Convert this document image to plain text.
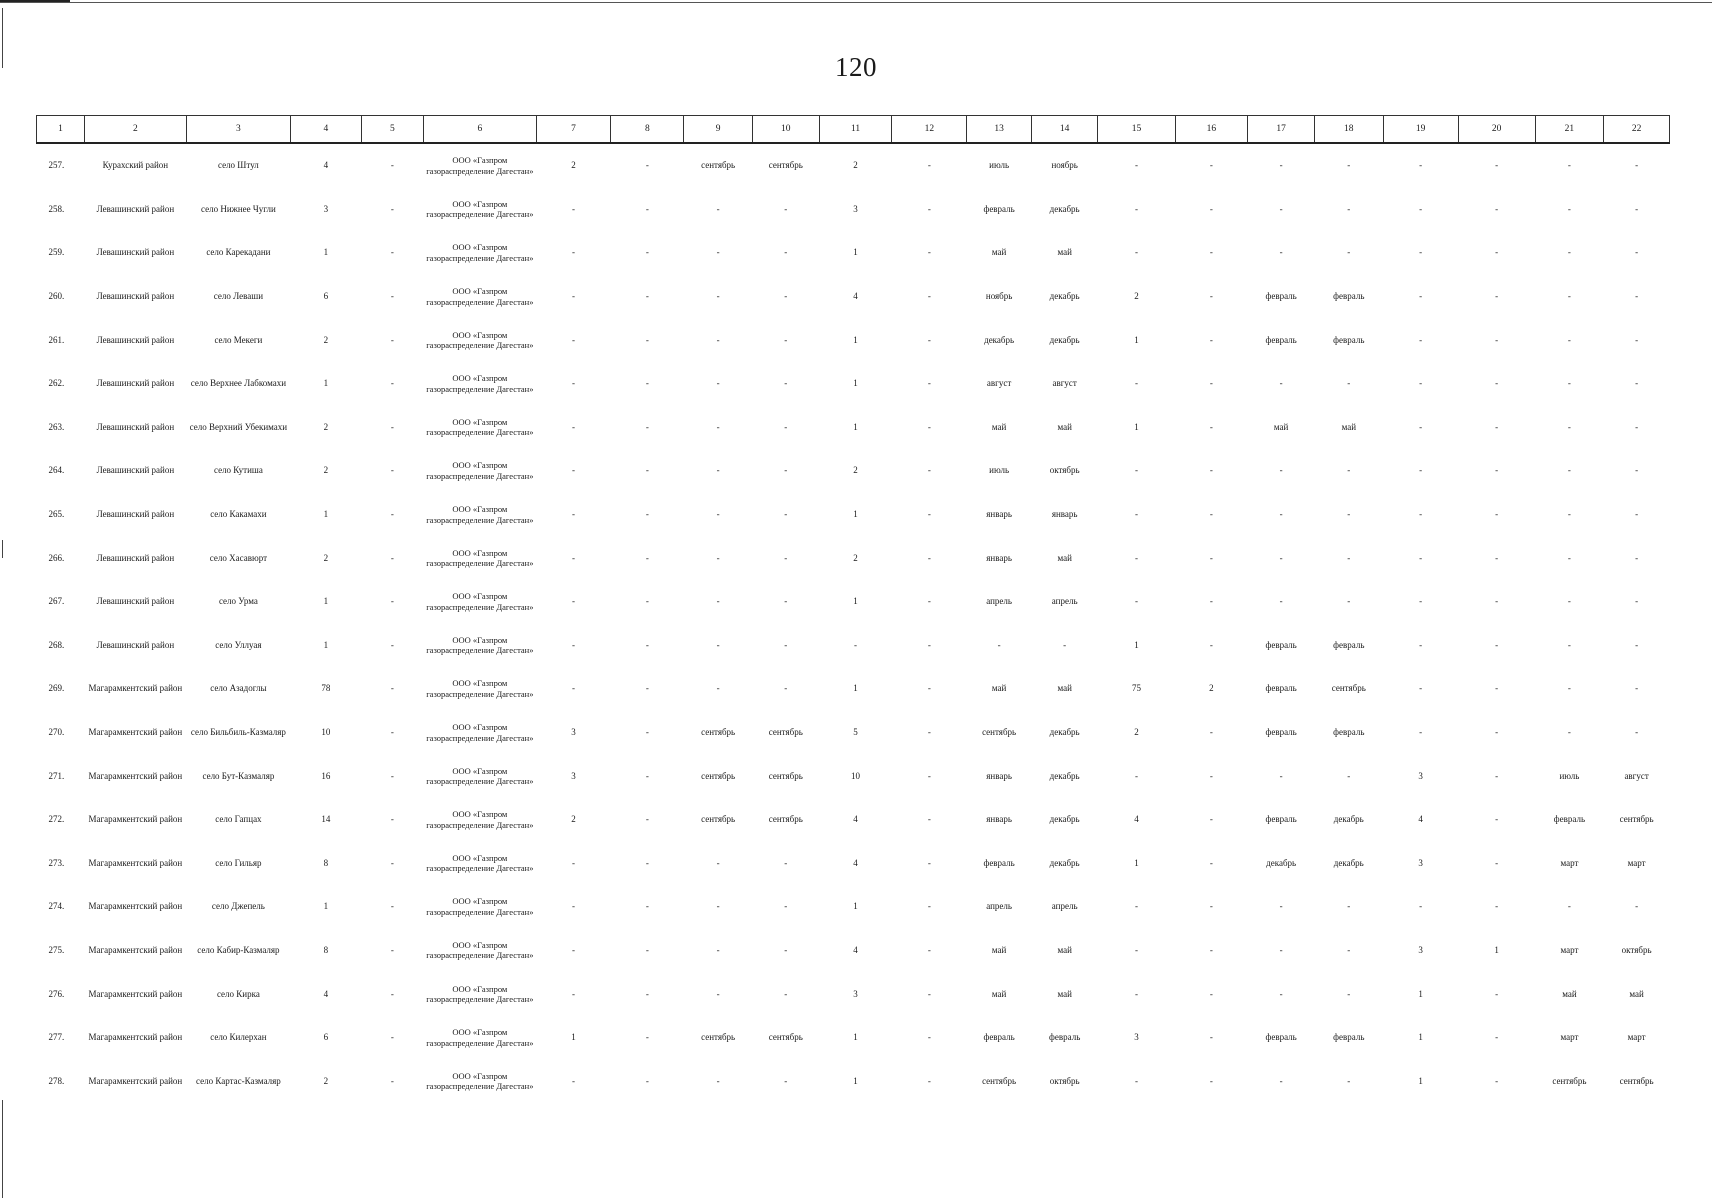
120
1	2	3	4	5	6	7	8	9	10	11	12	13	14	15	16	17	18	19	20	21	22
257.	Курахский район	село Штул	4	-	ООО «Газпром газораспределение Дагестан»	2	-	сентябрь	сентябрь	2	-	июль	ноябрь	-	-	-	-	-	-	-	-
258.	Левашинский район	село Нижнее Чугли	3	-	ООО «Газпром газораспределение Дагестан»	-	-	-	-	3	-	февраль	декабрь	-	-	-	-	-	-	-	-
259.	Левашинский район	село Карекадани	1	-	ООО «Газпром газораспределение Дагестан»	-	-	-	-	1	-	май	май	-	-	-	-	-	-	-	-
260.	Левашинский район	село Леваши	6	-	ООО «Газпром газораспределение Дагестан»	-	-	-	-	4	-	ноябрь	декабрь	2	-	февраль	февраль	-	-	-	-
261.	Левашинский район	село Мекеги	2	-	ООО «Газпром газораспределение Дагестан»	-	-	-	-	1	-	декабрь	декабрь	1	-	февраль	февраль	-	-	-	-
262.	Левашинский район	село Верхнее Лабкомахи	1	-	ООО «Газпром газораспределение Дагестан»	-	-	-	-	1	-	август	август	-	-	-	-	-	-	-	-
263.	Левашинский район	село Верхний Убекимахи	2	-	ООО «Газпром газораспределение Дагестан»	-	-	-	-	1	-	май	май	1	-	май	май	-	-	-	-
264.	Левашинский район	село Кутиша	2	-	ООО «Газпром газораспределение Дагестан»	-	-	-	-	2	-	июль	октябрь	-	-	-	-	-	-	-	-
265.	Левашинский район	село Какамахи	1	-	ООО «Газпром газораспределение Дагестан»	-	-	-	-	1	-	январь	январь	-	-	-	-	-	-	-	-
266.	Левашинский район	село Хасавюрт	2	-	ООО «Газпром газораспределение Дагестан»	-	-	-	-	2	-	январь	май	-	-	-	-	-	-	-	-
267.	Левашинский район	село Урма	1	-	ООО «Газпром газораспределение Дагестан»	-	-	-	-	1	-	апрель	апрель	-	-	-	-	-	-	-	-
268.	Левашинский район	село Уллуая	1	-	ООО «Газпром газораспределение Дагестан»	-	-	-	-	-	-	-	-	1	-	февраль	февраль	-	-	-	-
269.	Магарамкентский район	село Азадоглы	78	-	ООО «Газпром газораспределение Дагестан»	-	-	-	-	1	-	май	май	75	2	февраль	сентябрь	-	-	-	-
270.	Магарамкентский район	село Бильбиль-Казмаляр	10	-	ООО «Газпром газораспределение Дагестан»	3	-	сентябрь	сентябрь	5	-	сентябрь	декабрь	2	-	февраль	февраль	-	-	-	-
271.	Магарамкентский район	село Бут-Казмаляр	16	-	ООО «Газпром газораспределение Дагестан»	3	-	сентябрь	сентябрь	10	-	январь	декабрь	-	-	-	-	3	-	июль	август
272.	Магарамкентский район	село Гапцах	14	-	ООО «Газпром газораспределение Дагестан»	2	-	сентябрь	сентябрь	4	-	январь	декабрь	4	-	февраль	декабрь	4	-	февраль	сентябрь
273.	Магарамкентский район	село Гильяр	8	-	ООО «Газпром газораспределение Дагестан»	-	-	-	-	4	-	февраль	декабрь	1	-	декабрь	декабрь	3	-	март	март
274.	Магарамкентский район	село Джепель	1	-	ООО «Газпром газораспределение Дагестан»	-	-	-	-	1	-	апрель	апрель	-	-	-	-	-	-	-	-
275.	Магарамкентский район	село Кабир-Казмаляр	8	-	ООО «Газпром газораспределение Дагестан»	-	-	-	-	4	-	май	май	-	-	-	-	3	1	март	октябрь
276.	Магарамкентский район	село Кирка	4	-	ООО «Газпром газораспределение Дагестан»	-	-	-	-	3	-	май	май	-	-	-	-	1	-	май	май
277.	Магарамкентский район	село Килерхан	6	-	ООО «Газпром газораспределение Дагестан»	1	-	сентябрь	сентябрь	1	-	февраль	февраль	3	-	февраль	февраль	1	-	март	март
278.	Магарамкентский район	село Картас-Казмаляр	2	-	ООО «Газпром газораспределение Дагестан»	-	-	-	-	1	-	сентябрь	октябрь	-	-	-	-	1	-	сентябрь	сентябрь
